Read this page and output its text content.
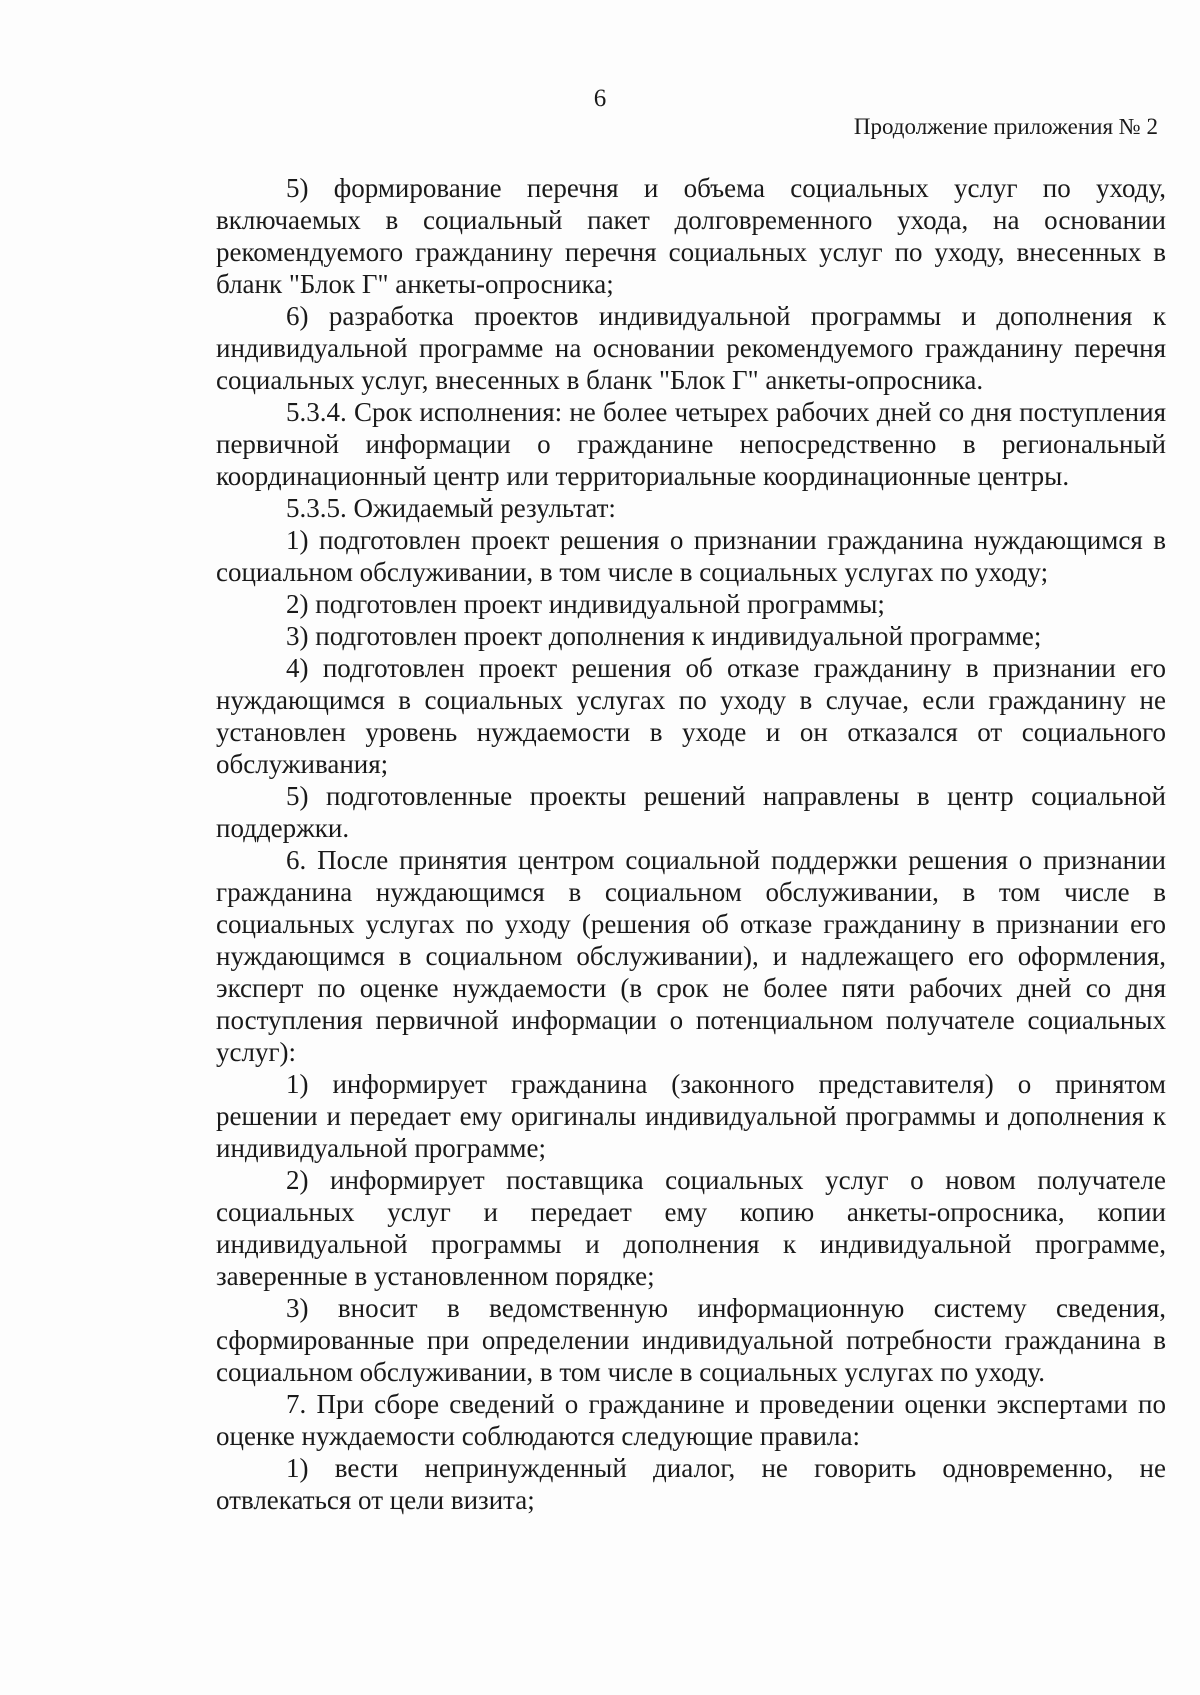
6
Продолжение приложения № 2

5) формирование перечня и объема социальных услуг по уходу, включаемых в социальный пакет долговременного ухода, на основании рекомендуемого гражданину перечня социальных услуг по уходу, внесенных в бланк "Блок Г" анкеты-опросника;

6) разработка проектов индивидуальной программы и дополнения к индивидуальной программе на основании рекомендуемого гражданину перечня социальных услуг, внесенных в бланк "Блок Г" анкеты-опросника.

5.3.4. Срок исполнения: не более четырех рабочих дней со дня поступления первичной информации о гражданине непосредственно в региональный координационный центр или территориальные координационные центры.

5.3.5. Ожидаемый результат:

1) подготовлен проект решения о признании гражданина нуждающимся в социальном обслуживании, в том числе в социальных услугах по уходу;

2) подготовлен проект индивидуальной программы;

3) подготовлен проект дополнения к индивидуальной программе;

4) подготовлен проект решения об отказе гражданину в признании его нуждающимся в социальных услугах по уходу в случае, если гражданину не установлен уровень нуждаемости в уходе и он отказался от социального обслуживания;

5) подготовленные проекты решений направлены в центр социальной поддержки.

6. После принятия центром социальной поддержки решения о признании гражданина нуждающимся в социальном обслуживании, в том числе в социальных услугах по уходу (решения об отказе гражданину в признании его нуждающимся в социальном обслуживании), и надлежащего его оформления, эксперт по оценке нуждаемости (в срок не более пяти рабочих дней со дня поступления первичной информации о потенциальном получателе социальных услуг):

1) информирует гражданина (законного представителя) о принятом решении и передает ему оригиналы индивидуальной программы и дополнения к индивидуальной программе;

2) информирует поставщика социальных услуг о новом получателе социальных услуг и передает ему копию анкеты-опросника, копии индивидуальной программы и дополнения к индивидуальной программе, заверенные в установленном порядке;

3) вносит в ведомственную информационную систему сведения, сформированные при определении индивидуальной потребности гражданина в социальном обслуживании, в том числе в социальных услугах по уходу.

7. При сборе сведений о гражданине и проведении оценки экспертами по оценке нуждаемости соблюдаются следующие правила:

1) вести непринужденный диалог, не говорить одновременно, не отвлекаться от цели визита;
